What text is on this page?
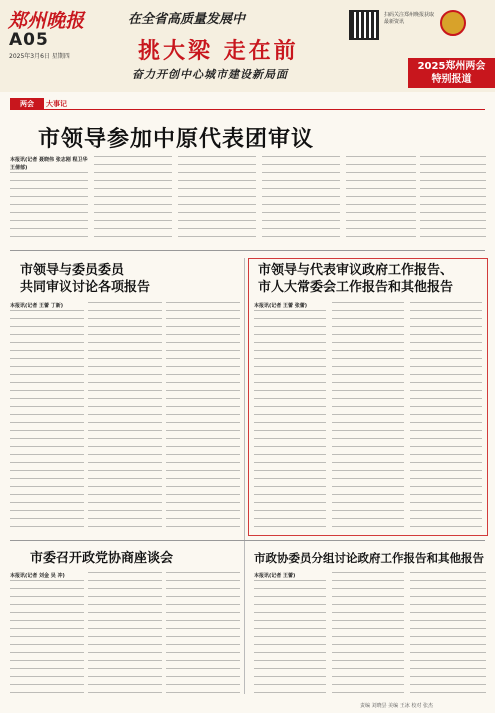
郑州晚报
A05
2025年3月6日 星期四
在全省高质量发展中
挑大梁 走在前
奋力开创中心城市建设新局面
扫码关注郑州晚报获取最新资讯
2025郑州两会
特别报道
两会	大事记
市领导参加中原代表团审议
本报讯(记者 聂晓伟 张志刚 程卫华 王倩郁)
市领导与委员委员
共同审议讨论各项报告
本报讯(记者 王蕾 丁新)
市领导与代表审议政府工作报告、
市人大常委会工作报告和其他报告
本报讯(记者 王蕾 张蕾)
市委召开政党协商座谈会
本报讯(记者 刘金 吴 冲)
市政协委员分组讨论政府工作报告和其他报告
本报讯(记者 王蕾)
责编 刘晓昙 美编 王冰 校对 张杰
